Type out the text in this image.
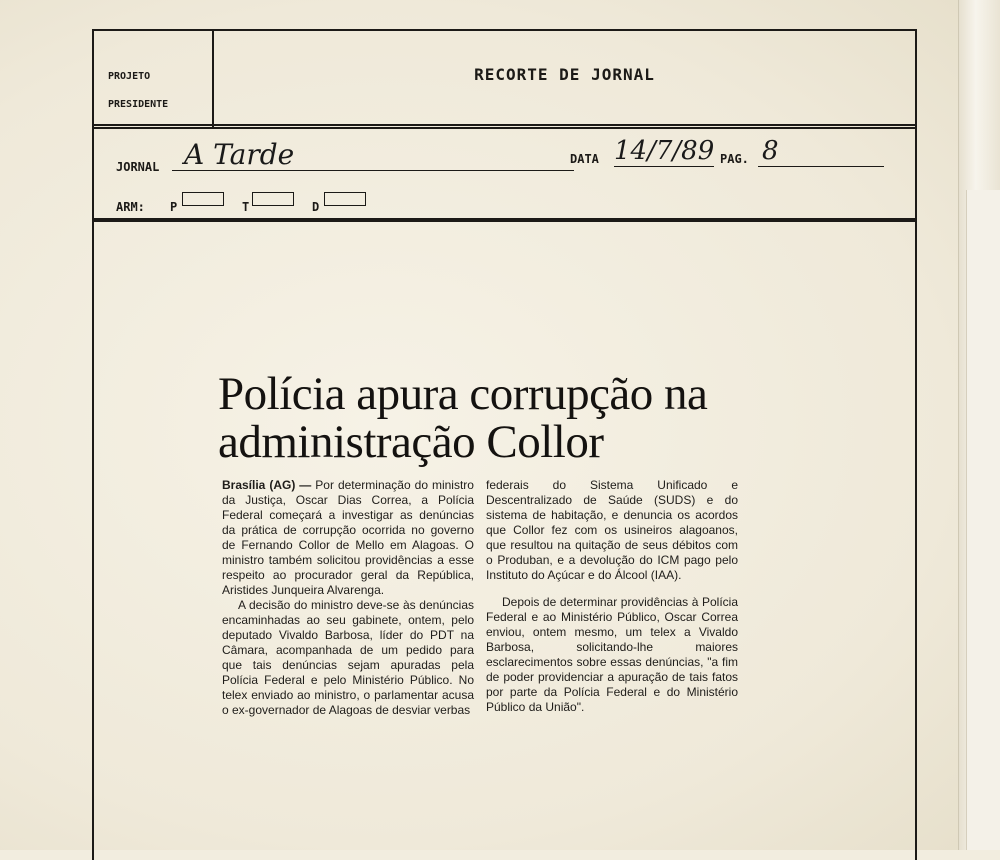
PROJETO
PRESIDENTE
RECORTE DE JORNAL
JORNAL A Tarde	DATA 14/7/89 PAG. 8
ARM: P	T	D
Polícia apura corrupção na administração Collor

Brasília (AG) — Por determinação do ministro da Justiça, Oscar Dias Correa, a Polícia Federal começará a investigar as denúncias da prática de corrupção ocorrida no governo de Fernando Collor de Mello em Alagoas. O ministro também solicitou providências a esse respeito ao procurador geral da República, Aristides Junqueira Alvarenga.

A decisão do ministro deve-se às denúncias encaminhadas ao seu gabinete, ontem, pelo deputado Vivaldo Barbosa, líder do PDT na Câmara, acompanhada de um pedido para que tais denúncias sejam apuradas pela Polícia Federal e pelo Ministério Público. No telex enviado ao ministro, o parlamentar acusa o ex-governador de Alagoas de desviar verbas

federais do Sistema Unificado e Descentralizado de Saúde (SUDS) e do sistema de habitação, e denuncia os acordos que Collor fez com os usineiros alagoanos, que resultou na quitação de seus débitos com o Produban, e a devolução do ICM pago pelo Instituto do Açúcar e do Álcool (IAA).

Depois de determinar providências à Polícia Federal e ao Ministério Público, Oscar Correa enviou, ontem mesmo, um telex a Vivaldo Barbosa, solicitando-lhe maiores esclarecimentos sobre essas denúncias, "a fim de poder providenciar a apuração de tais fatos por parte da Polícia Federal e do Ministério Público da União".
